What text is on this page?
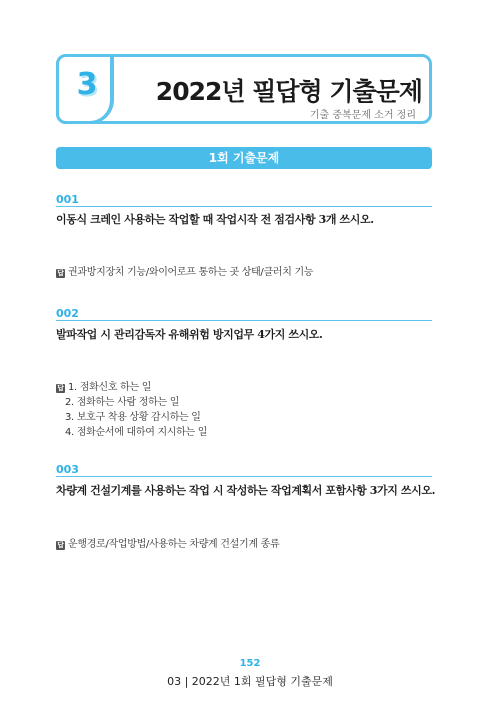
3	2022년 필답형 기출문제
기출 중복문제 소거 정리
1회 기출문제
001
이동식 크레인 사용하는 작업할 때 작업시작 전 점검사항 3개 쓰시오.
답 권과방지장치 기능/와이어로프 통하는 곳 상태/클러치 기능
002
발파작업 시 관리감독자 유해위험 방지업무 4가지 쓰시오.
답 1. 점화신호 하는 일
2. 점화하는 사람 정하는 일
3. 보호구 착용 상황 감시하는 일
4. 점화순서에 대하여 지시하는 일
003
차량계 건설기계를 사용하는 작업 시 작성하는 작업계획서 포함사항 3가지 쓰시오.
답 운행경로/작업방법/사용하는 차량계 건설기계 종류
152
03 | 2022년 1회 필답형 기출문제
